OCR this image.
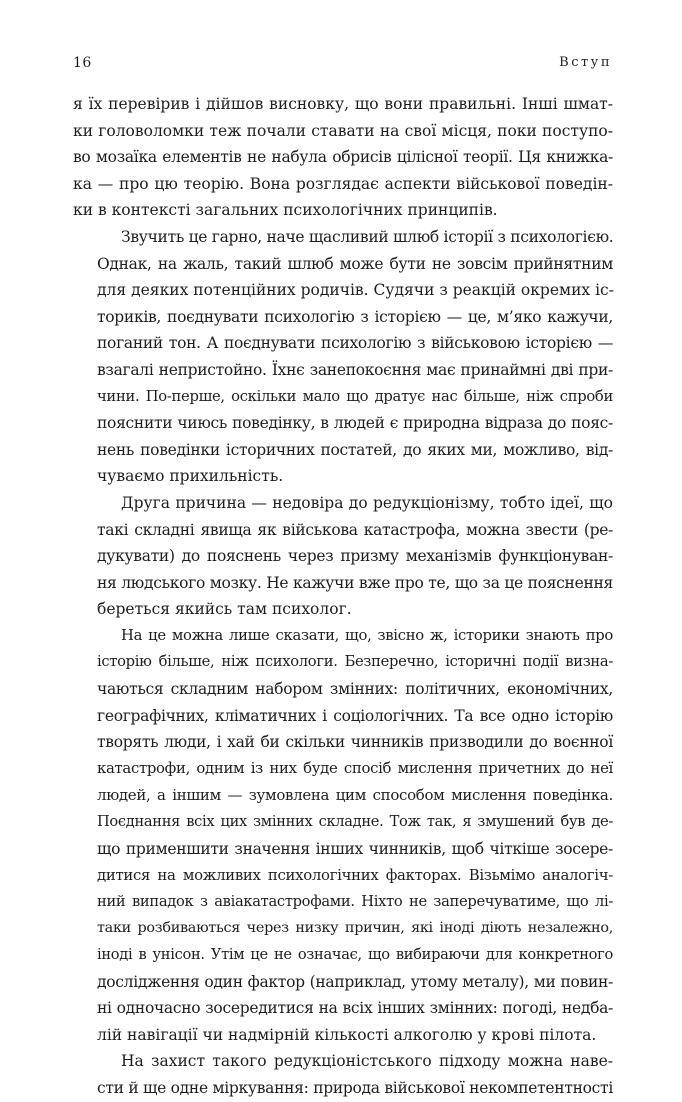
16	Вступ
я їх перевірив і дійшов висновку, що вони правильні. Інші шмат-
ки головоломки теж почали ставати на свої місця, поки поступо-
во мозаїка елементів не набула обрисів цілісної теорії. Ця книжка-
ка — про цю теорію. Вона розглядає аспекти військової поведін-
ки в контексті загальних психологічних принципів.
Звучить це гарно, наче щасливий шлюб історії з психологією.
Однак, на жаль, такий шлюб може бути не зовсім прийнятним
для деяких потенційних родичів. Судячи з реакцій окремих іс-
ториків, поєднувати психологію з історією — це, м’яко кажучи,
поганий тон. А поєднувати психологію з військовою історією —
взагалі непристойно. Їхнє занепокоєння має принаймні дві при-
чини. По-перше, оскільки мало що дратує нас більше, ніж спроби
пояснити чиюсь поведінку, в людей є природна відраза до пояс-
нень поведінки історичних постатей, до яких ми, можливо, від-
чуваємо прихильність.
Друга причина — недовіра до редукціонізму, тобто ідеї, що
такі складні явища як військова катастрофа, можна звести (ре-
дукувати) до пояснень через призму механізмів функціонуван-
ня людського мозку. Не кажучи вже про те, що за це пояснення
береться якийсь там психолог.
На це можна лише сказати, що, звісно ж, історики знають про
історію більше, ніж психологи. Безперечно, історичні події визна-
чаються складним набором змінних: політичних, економічних,
географічних, кліматичних і соціологічних. Та все одно історію
творять люди, і хай би скільки чинників призводили до воєнної
катастрофи, одним із них буде спосіб мислення причетних до неї
людей, а іншим — зумовлена цим способом мислення поведінка.
Поєднання всіх цих змінних складне. Тож так, я змушений був де-
що применшити значення інших чинників, щоб чіткіше зосере-
дитися на можливих психологічних факторах. Візьмімо аналогіч-
ний випадок з авіакатастрофами. Ніхто не заперечуватиме, що лі-
таки розбиваються через низку причин, які іноді діють незалежно,
іноді в унісон. Утім це не означає, що вибираючи для конкретного
дослідження один фактор (наприклад, утому металу), ми повин-
ні одночасно зосередитися на всіх інших змінних: погоді, недба-
лій навігації чи надмірній кількості алкоголю у крові пілота.
На захист такого редукціоністського підходу можна наве-
сти й ще одне міркування: природа військової некомпетентності
